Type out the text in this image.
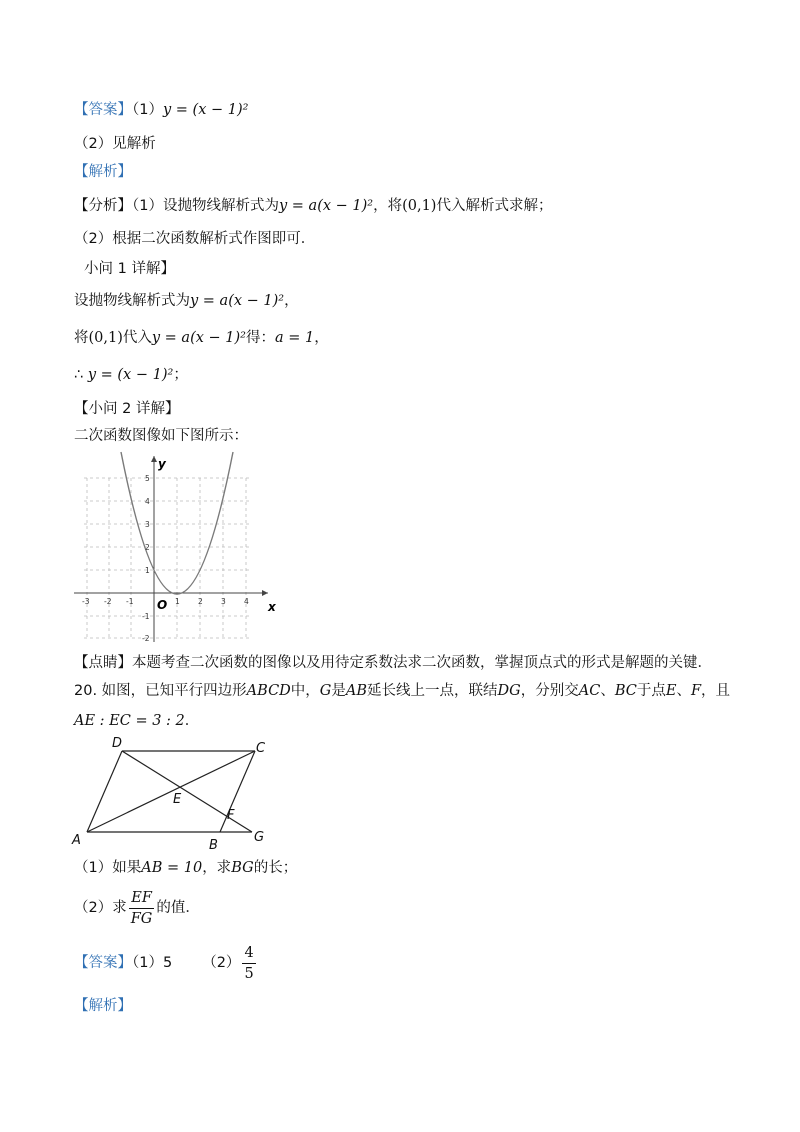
【答案】（1）y = (x − 1)²
（2）见解析
【解析】
【分析】（1）设抛物线解析式为y = a(x − 1)²，将(0,1)代入解析式求解；
（2）根据二次函数解析式作图即可．
小问 1 详解】
设抛物线解析式为y = a(x − 1)²，
将(0,1)代入y = a(x − 1)²得：a = 1，
∴ y = (x − 1)²；
【小问 2 详解】
二次函数图像如下图所示：
y
x
O
-3 -2 -1	1 2 3 4
5
4
3
2
1
-1
-2
【点睛】本题考查二次函数的图像以及用待定系数法求二次函数，掌握顶点式的形式是解题的关键．
20. 如图，已知平行四边形ABCD中，G是AB延长线上一点，联结DG，分别交AC、BC于点E、F，且
AE : EC = 3 : 2．
A	B
C
D
E
F
G
（1）如果AB = 10，求BG的长；
（2）求 $\frac{EF}{FG}$ 的值．
【答案】（1）5 $(2) \frac{4}{5}$
【解析】
